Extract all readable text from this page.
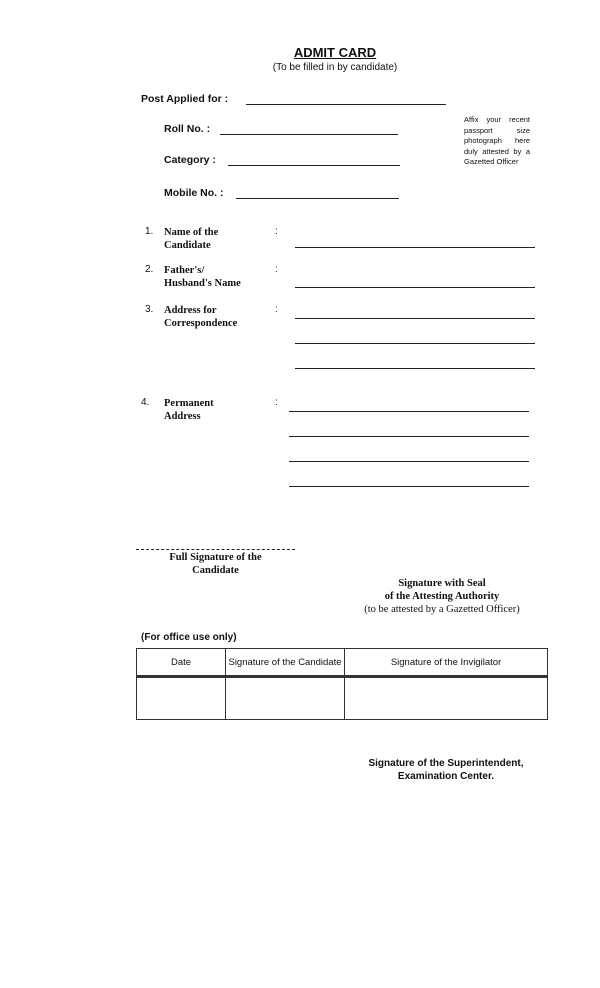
ADMIT CARD
(To be filled in by candidate)
Post Applied for :
Roll No. :
Category :
Mobile No. :
Affix your recent passport size photograph here duly attested by a Gazetted Officer
1. Name of the
Candidate
:
2. Father's/
Husband's Name
:
3. Address for
Correspondence
:
4. Permanent
Address
:
Full Signature of the
Candidate
Signature with Seal
of the Attesting Authority
(to be attested by a Gazetted Officer)
(For office use only)
Date	Signature of the Candidate	Signature of the Invigilator

Signature of the Superintendent,
Examination Center.
